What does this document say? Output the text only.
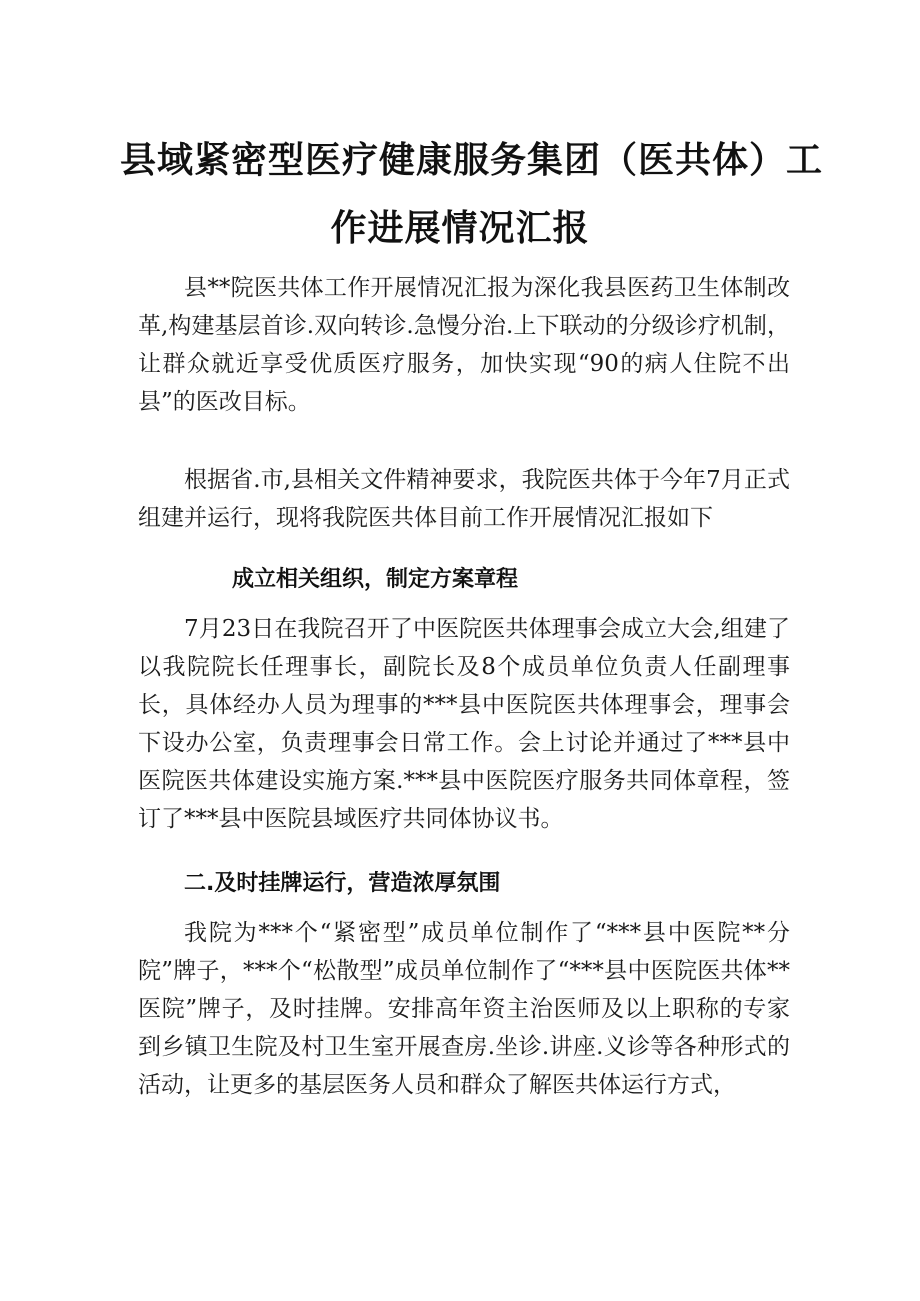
县域紧密型医疗健康服务集团（医共体）工
作进展情况汇报

县**院医共体工作开展情况汇报为深化我县医药卫生体制改革,构建基层首诊.双向转诊.急慢分治.上下联动的分级诊疗机制，让群众就近享受优质医疗服务，加快实现“90的病人住院不出县”的医改目标。

根据省.市,县相关文件精神要求，我院医共体于今年7月正式组建并运行，现将我院医共体目前工作开展情况汇报如下

成立相关组织，制定方案章程

7月23日在我院召开了中医院医共体理事会成立大会,组建了以我院院长任理事长，副院长及8个成员单位负责人任副理事长，具体经办人员为理事的***县中医院医共体理事会，理事会下设办公室，负责理事会日常工作。会上讨论并通过了***县中医院医共体建设实施方案.***县中医院医疗服务共同体章程，签订了***县中医院县域医疗共同体协议书。

二.及时挂牌运行，营造浓厚氛围

我院为***个“紧密型”成员单位制作了“***县中医院**分院”牌子，***个“松散型”成员单位制作了“***县中医院医共体**医院”牌子，及时挂牌。安排高年资主治医师及以上职称的专家到乡镇卫生院及村卫生室开展查房.坐诊.讲座.义诊等各种形式的活动，让更多的基层医务人员和群众了解医共体运行方式，
